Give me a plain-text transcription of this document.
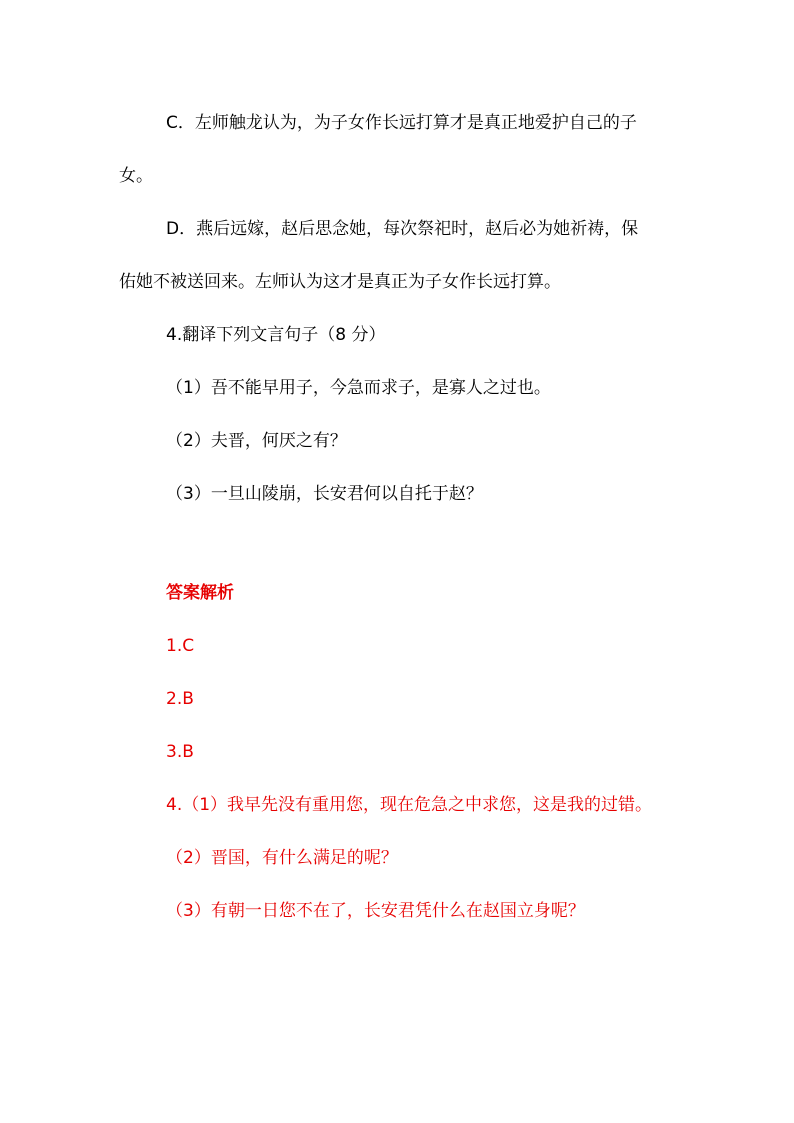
C．左师触龙认为，为子女作长远打算才是真正地爱护自己的子
女。
D．燕后远嫁，赵后思念她，每次祭祀时，赵后必为她祈祷，保
佑她不被送回来。左师认为这才是真正为子女作长远打算。
4.翻译下列文言句子（8 分）
（1）吾不能早用子，今急而求子，是寡人之过也。
（2）夫晋，何厌之有？
（3）一旦山陵崩，长安君何以自托于赵？
答案解析
1.C
2.B
3.B
4.（1）我早先没有重用您，现在危急之中求您，这是我的过错。
（2）晋国，有什么满足的呢？
（3）有朝一日您不在了，长安君凭什么在赵国立身呢？
